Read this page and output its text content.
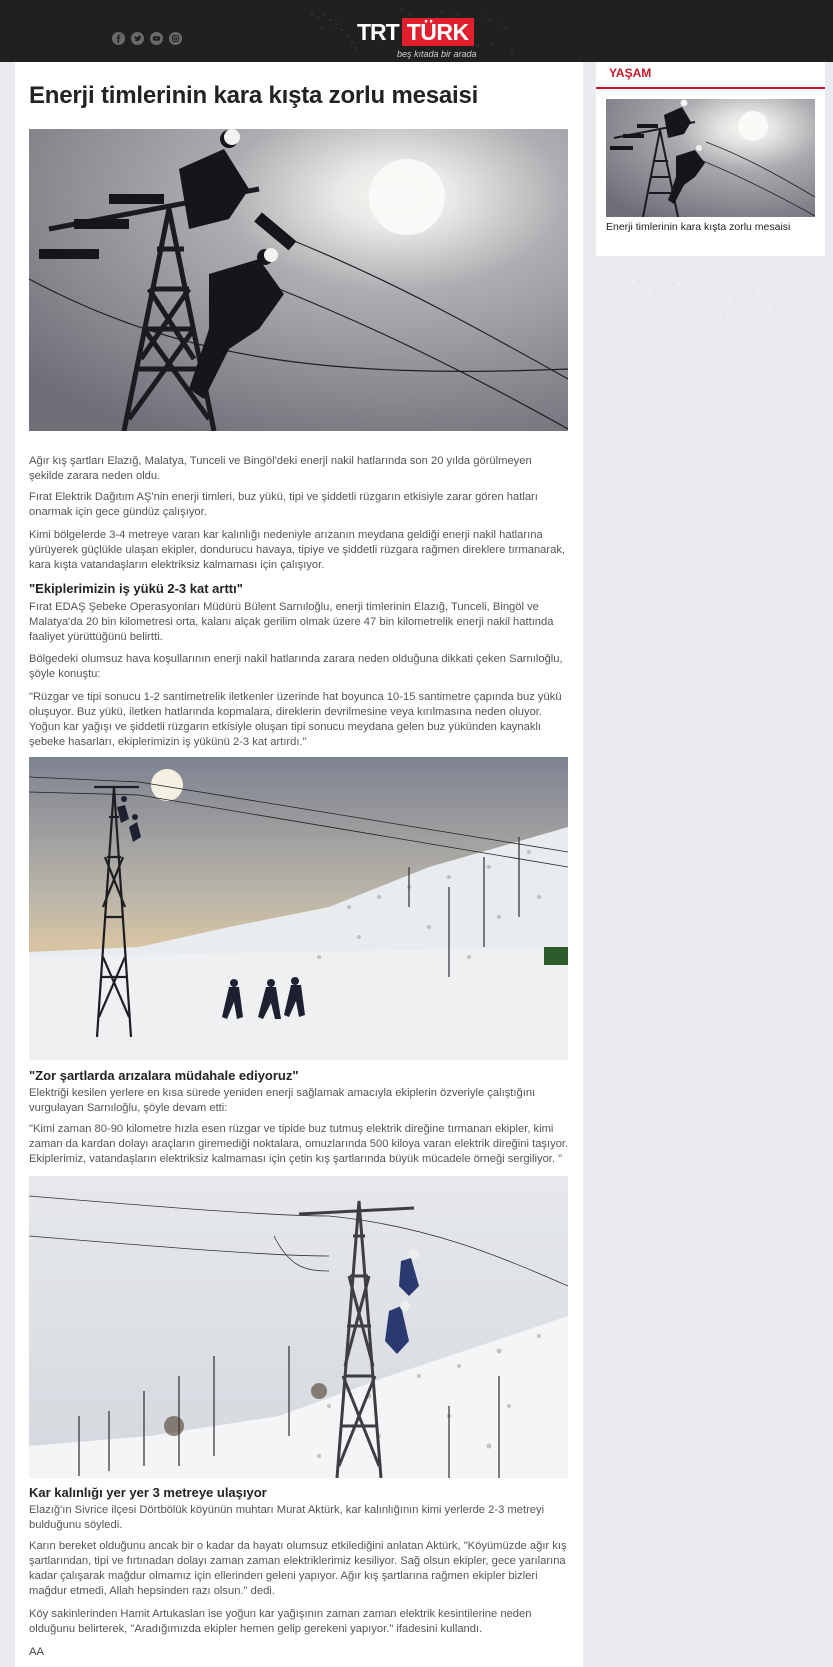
TRT TÜRK
beş kıtada bir arada
Enerji timlerinin kara kışta zorlu mesaisi

Ağır kış şartları Elazığ, Malatya, Tunceli ve Bingöl'deki enerji nakil hatlarında son 20 yılda görülmeyen şekilde zarara neden oldu.

Fırat Elektrik Dağıtım AŞ'nin enerji timleri, buz yükü, tipi ve şiddetli rüzgarın etkisiyle zarar gören hatları onarmak için gece gündüz çalışıyor.

Kimi bölgelerde 3-4 metreye varan kar kalınlığı nedeniyle arızanın meydana geldiği enerji nakil hatlarına yürüyerek güçlükle ulaşan ekipler, dondurucu havaya, tipiye ve şiddetli rüzgara rağmen direklere tırmanarak, kara kışta vatandaşların elektriksiz kalmaması için çalışıyor.

"Ekiplerimizin iş yükü 2-3 kat arttı"

Fırat EDAŞ Şebeke Operasyonları Müdürü Bülent Sarnıloğlu, enerji timlerinin Elazığ, Tunceli, Bingöl ve Malatya'da 20 bin kilometresi orta, kalanı alçak gerilim olmak üzere 47 bin kilometrelik enerji nakil hattında faaliyet yürüttüğünü belirtti.

Bölgedeki olumsuz hava koşullarının enerji nakil hatlarında zarara neden olduğuna dikkati çeken Sarnıloğlu, şöyle konuştu:

"Rüzgar ve tipi sonucu 1-2 santimetrelik iletkenler üzerinde hat boyunca 10-15 santimetre çapında buz yükü oluşuyor. Buz yükü, iletken hatlarında kopmalara, direklerin devrilmesine veya kırılmasına neden oluyor. Yoğun kar yağışı ve şiddetli rüzgarın etkisiyle oluşan tipi sonucu meydana gelen buz yükünden kaynaklı şebeke hasarları, ekiplerimizin iş yükünü 2-3 kat artırdı."

"Zor şartlarda arızalara müdahale ediyoruz"

Elektriği kesilen yerlere en kısa sürede yeniden enerji sağlamak amacıyla ekiplerin özveriyle çalıştığını vurgulayan Sarnıloğlu, şöyle devam etti:

"Kimi zaman 80-90 kilometre hızla esen rüzgar ve tipide buz tutmuş elektrik direğine tırmanan ekipler, kimi zaman da kardan dolayı araçların giremediği noktalara, omuzlarında 500 kiloya varan elektrik direğini taşıyor. Ekiplerimiz, vatandaşların elektriksiz kalmaması için çetin kış şartlarında büyük mücadele örneği sergiliyor. "

Kar kalınlığı yer yer 3 metreye ulaşıyor

Elazığ'ın Sivrice ilçesi Dörtbölük köyünün muhtarı Murat Aktürk, kar kalınlığının kimi yerlerde 2-3 metreyi bulduğunu söyledi.

Karın bereket olduğunu ancak bir o kadar da hayatı olumsuz etkilediğini anlatan Aktürk, "Köyümüzde ağır kış şartlarından, tipi ve fırtınadan dolayı zaman zaman elektriklerimiz kesiliyor. Sağ olsun ekipler, gece yarılarına kadar çalışarak mağdur olmamız için ellerinden geleni yapıyor. Ağır kış şartlarına rağmen ekipler bizleri mağdur etmedi, Allah hepsinden razı olsun." dedi.

Köy sakinlerinden Hamit Artukaslan ise yoğun kar yağışının zaman zaman elektrik kesintilerine neden olduğunu belirterek, "Aradığımızda ekipler hemen gelip gerekeni yapıyor." ifadesini kullandı.

AA
YAŞAM
Enerji timlerinin kara kışta zorlu mesaisi
